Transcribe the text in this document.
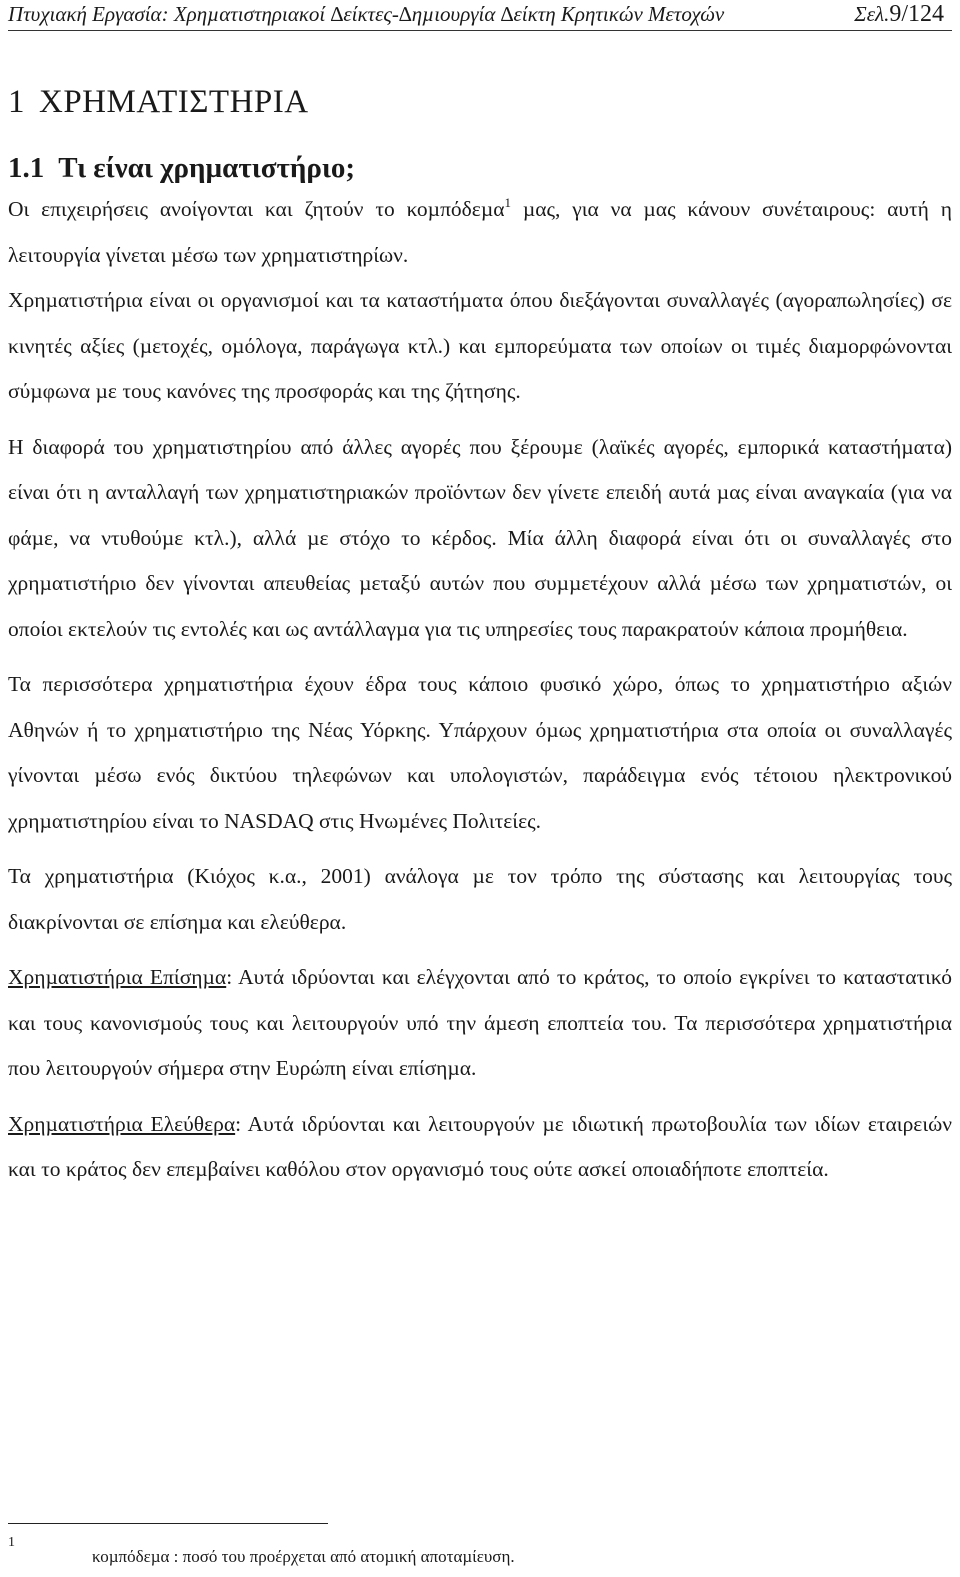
Πτυχιακή Εργασία: Χρηµατιστηριακοί ∆είκτες-∆ηµιουργία ∆είκτη Κρητικών Μετοχών	Σελ.9/124
1 ΧΡΗΜΑΤΙΣΤΗΡΙΑ
1.1 Τι είναι χρηµατιστήριο;

Οι επιχειρήσεις ανοίγονται και ζητούν το κοµπόδεµα$^1$ µας, για να µας κάνουν συνέταιρους: αυτή η λειτουργία γίνεται µέσω των χρηµατιστηρίων.

Χρηµατιστήρια είναι οι οργανισµοί και τα καταστήµατα όπου διεξάγονται συναλλαγές (αγοραπωλησίες) σε κινητές αξίες (µετοχές, οµόλογα, παράγωγα κτλ.) και εµπορεύµατα των οποίων οι τιµές διαµορφώνονται σύµφωνα µε τους κανόνες της προσφοράς και της ζήτησης.

Η διαφορά του χρηµατιστηρίου από άλλες αγορές που ξέρουµε (λαϊκές αγορές, εµπορικά καταστήµατα) είναι ότι η ανταλλαγή των χρηµατιστηριακών προϊόντων δεν γίνετε επειδή αυτά µας είναι αναγκαία (για να φάµε, να ντυθούµε κτλ.), αλλά µε στόχο το κέρδος. Μία άλλη διαφορά είναι ότι οι συναλλαγές στο χρηµατιστήριο δεν γίνονται απευθείας µεταξύ αυτών που συµµετέχουν αλλά µέσω των χρηµατιστών, οι οποίοι εκτελούν τις εντολές και ως αντάλλαγµα για τις υπηρεσίες τους παρακρατούν κάποια προµήθεια.

Τα περισσότερα χρηµατιστήρια έχουν έδρα τους κάποιο φυσικό χώρο, όπως το χρηµατιστήριο αξιών Αθηνών ή το χρηµατιστήριο της Νέας Υόρκης. Υπάρχουν όµως χρηµατιστήρια στα οποία οι συναλλαγές γίνονται µέσω ενός δικτύου τηλεφώνων και υπολογιστών, παράδειγµα ενός τέτοιου ηλεκτρονικού χρηµατιστηρίου είναι το NASDAQ στις Ηνωµένες Πολιτείες.

Τα χρηµατιστήρια (Κιόχος κ.α., 2001) ανάλογα µε τον τρόπο της σύστασης και λειτουργίας τους διακρίνονται σε επίσηµα και ελεύθερα.

Χρηµατιστήρια Επίσηµα: Αυτά ιδρύονται και ελέγχονται από το κράτος, το οποίο εγκρίνει το καταστατικό και τους κανονισµούς τους και λειτουργούν υπό την άµεση εποπτεία του. Τα περισσότερα χρηµατιστήρια που λειτουργούν σήµερα στην Ευρώπη είναι επίσηµα.

Χρηµατιστήρια Ελεύθερα: Αυτά ιδρύονται και λειτουργούν µε ιδιωτική πρωτοβουλία των ιδίων εταιρειών και το κράτος δεν επεµβαίνει καθόλου στον οργανισµό τους ούτε ασκεί οποιαδήποτε εποπτεία.

1
κοµπόδεµα : ποσό του προέρχεται από ατοµική αποταµίευση.
